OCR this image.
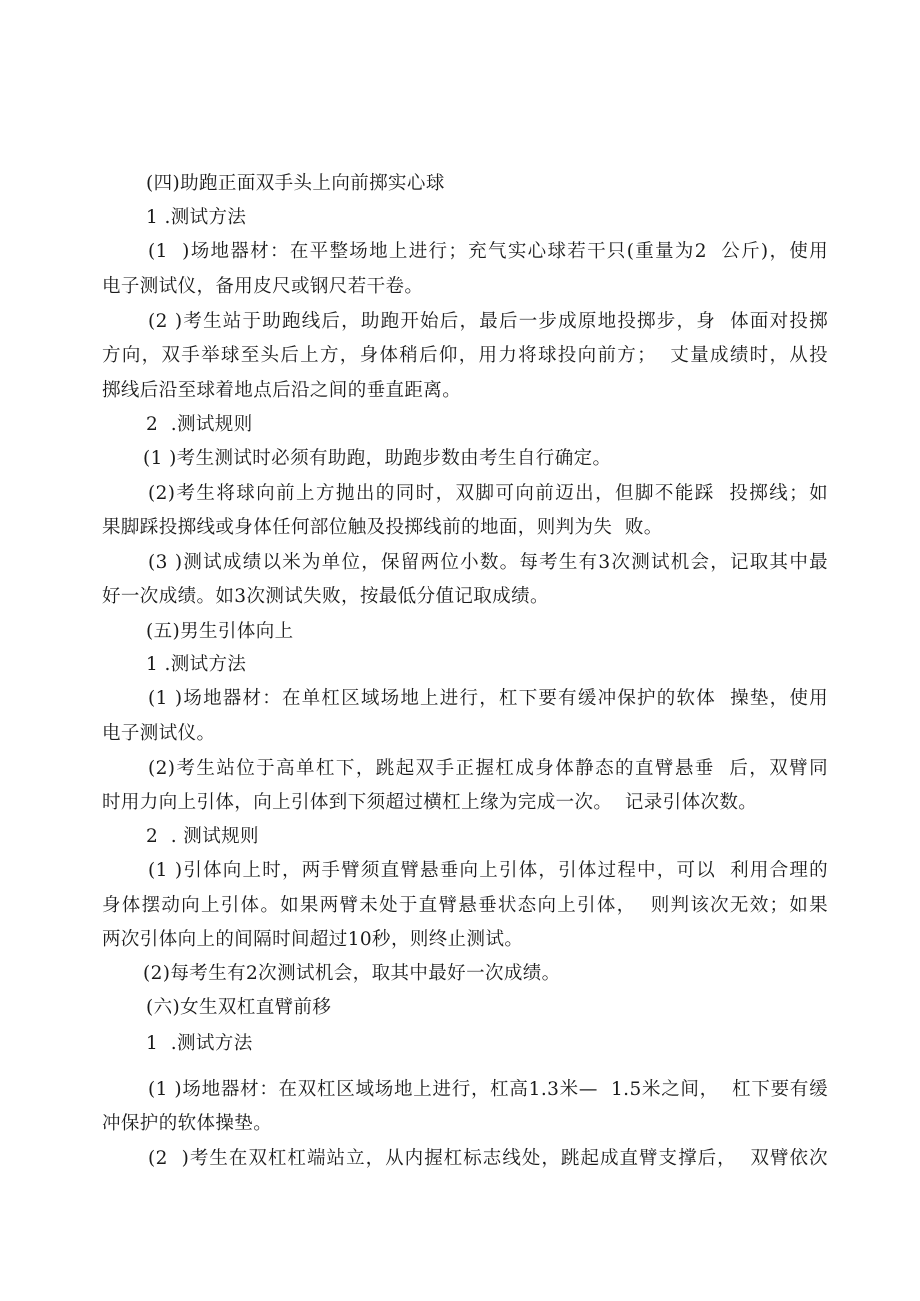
(四)助跑正面双手头上向前掷实心球
1 .测试方法
(1  )场地器材：在平整场地上进行；充气实心球若干只(重量为2  公斤)，使用
电子测试仪，备用皮尺或钢尺若干卷。
(2 )考生站于助跑线后，助跑开始后，最后一步成原地投掷步，身  体面对投掷
方向，双手举球至头后上方，身体稍后仰，用力将球投向前方；  丈量成绩时，从投
掷线后沿至球着地点后沿之间的垂直距离。
2  .测试规则
(1 )考生测试时必须有助跑，助跑步数由考生自行确定。
(2)考生将球向前上方抛出的同时，双脚可向前迈出，但脚不能踩  投掷线；如
果脚踩投掷线或身体任何部位触及投掷线前的地面，则判为失  败。
(3 )测试成绩以米为单位，保留两位小数。每考生有3次测试机会，记取其中最
好一次成绩。如3次测试失败，按最低分值记取成绩。
(五)男生引体向上
1 .测试方法
(1 )场地器材：在单杠区域场地上进行，杠下要有缓冲保护的软体  操垫，使用
电子测试仪。
(2)考生站位于高单杠下，跳起双手正握杠成身体静态的直臂悬垂  后，双臂同
时用力向上引体，向上引体到下须超过横杠上缘为完成一次。  记录引体次数。
2  . 测试规则
(1 )引体向上时，两手臂须直臂悬垂向上引体，引体过程中，可以  利用合理的
身体摆动向上引体。如果两臂未处于直臂悬垂状态向上引体，  则判该次无效；如果
两次引体向上的间隔时间超过10秒，则终止测试。
(2)每考生有2次测试机会，取其中最好一次成绩。
(六)女生双杠直臂前移
1  .测试方法
(1 )场地器材：在双杠区域场地上进行，杠高1.3米—  1.5米之间，  杠下要有缓
冲保护的软体操垫。
(2  )考生在双杠杠端站立，从内握杠标志线处，跳起成直臂支撑后，  双臂依次
